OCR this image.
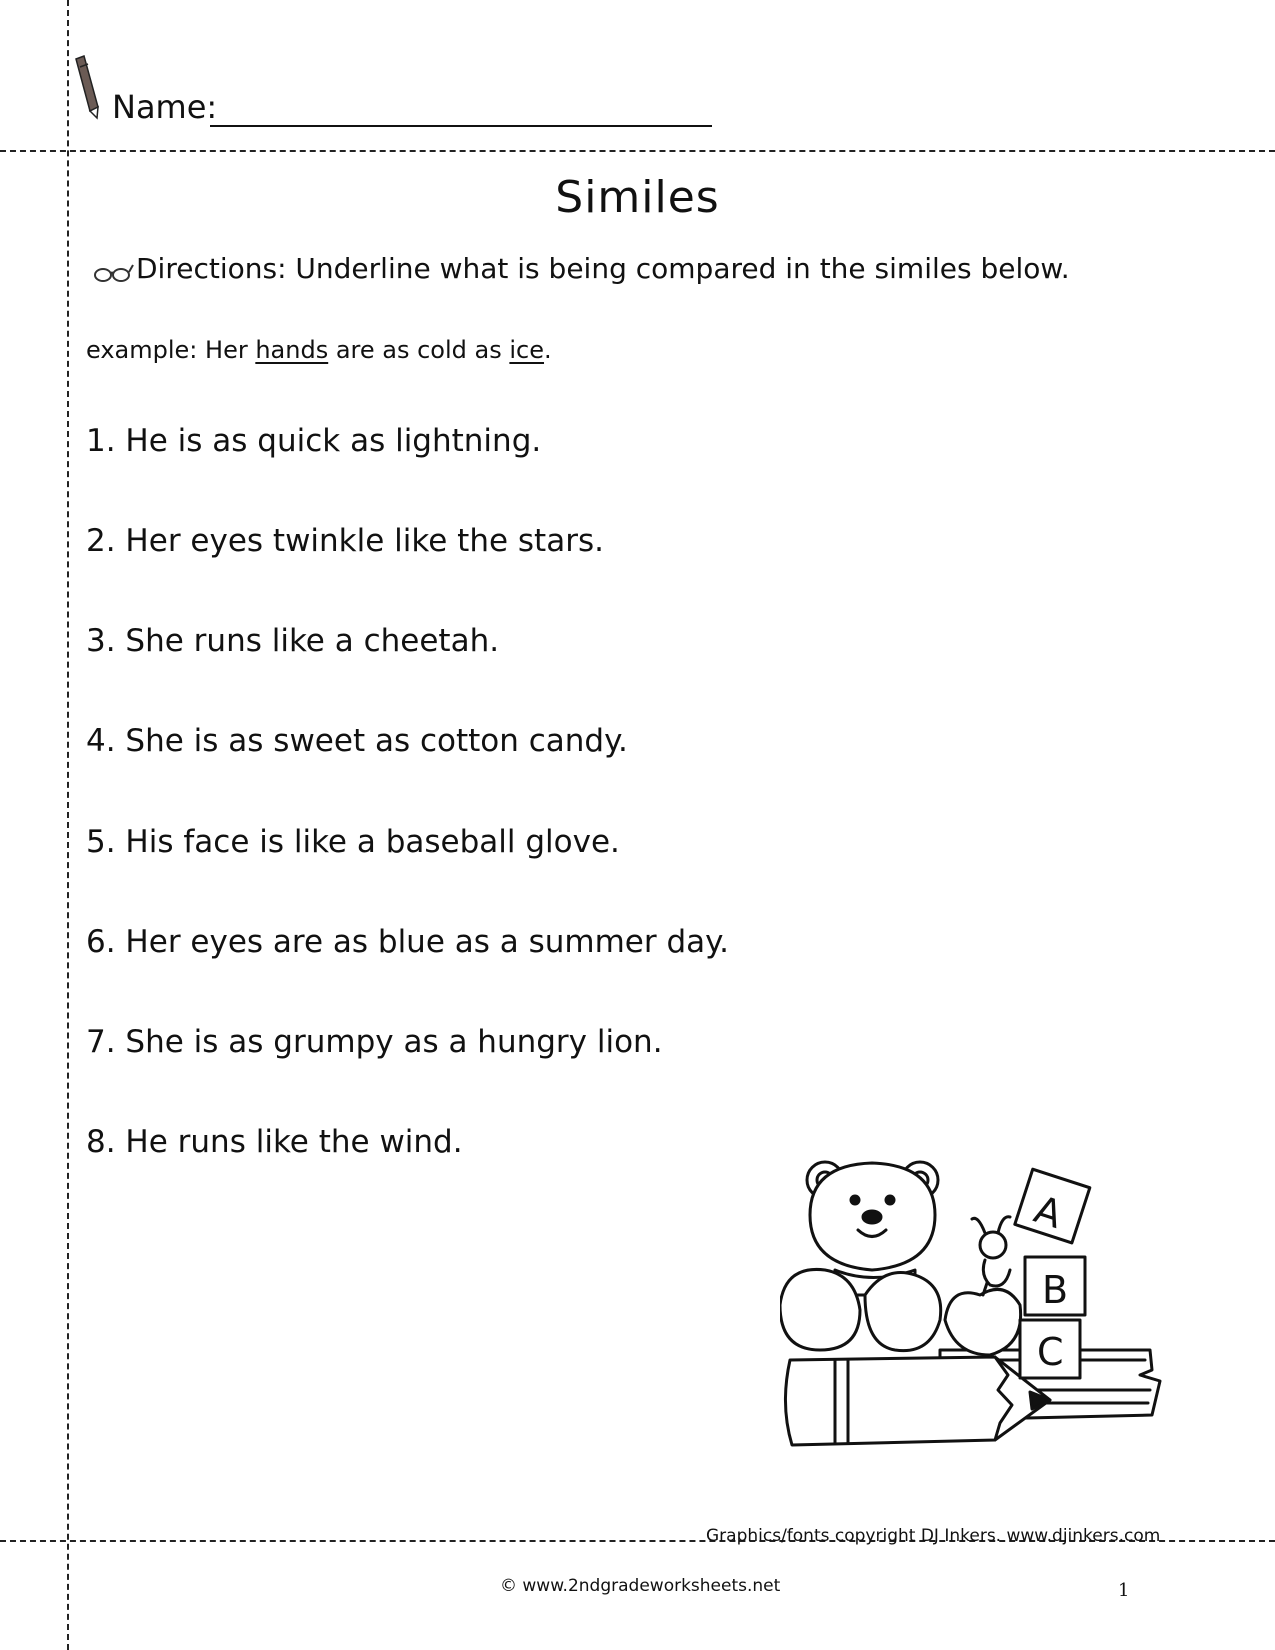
Name:
Similes
Directions: Underline what is being compared in the similes below.
example: Her hands are as cold as ice.
1. He is as quick as lightning.
2. Her eyes twinkle like the stars.
3. She runs like a cheetah.
4. She is as sweet as cotton candy.
5. His face is like a baseball glove.
6. Her eyes are as blue as a summer day.
7. She is as grumpy as a hungry lion.
8. He runs like the wind.
A
B
C
Graphics/fonts copyright DJ Inkers. www.djinkers.com
© www.2ndgradeworksheets.net	1
